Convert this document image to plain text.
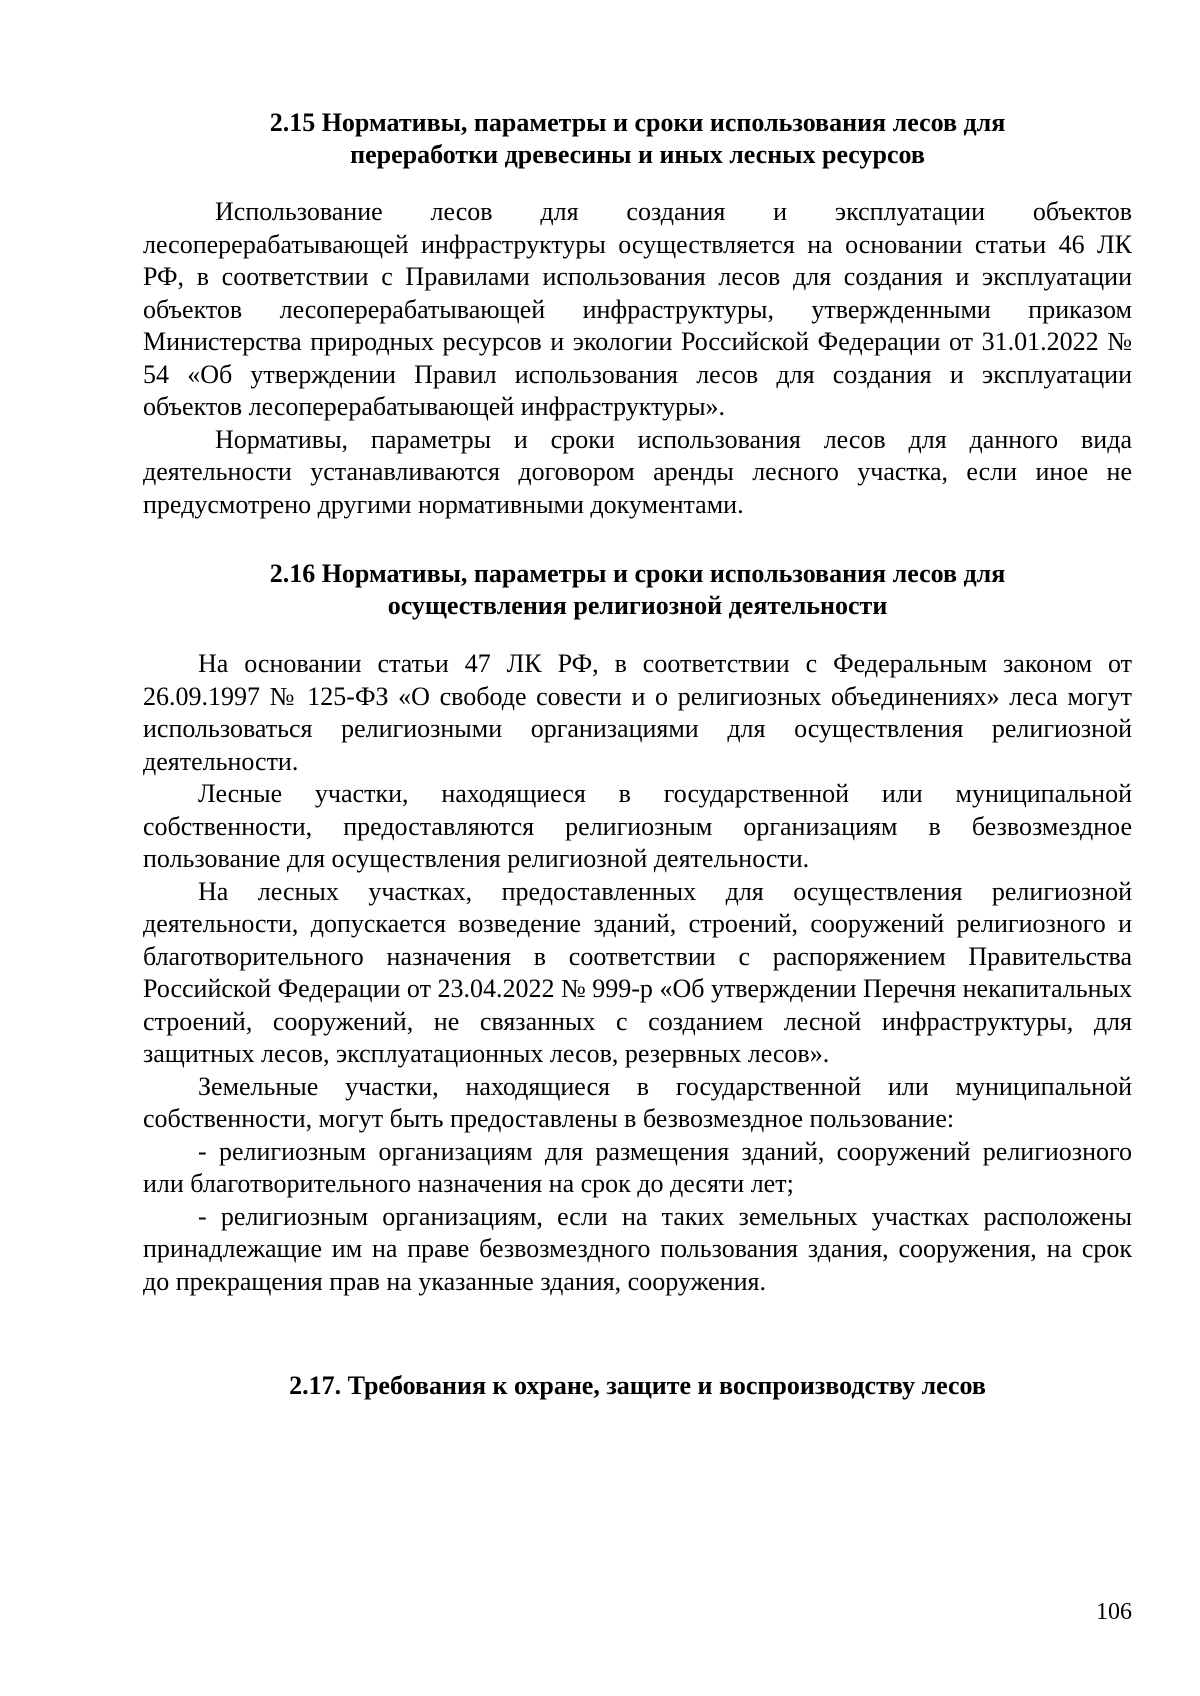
2.15 Нормативы, параметры и сроки использования лесов для
переработки древесины и иных лесных ресурсов

Использование лесов для создания и эксплуатации объектов лесоперерабатывающей инфраструктуры осуществляется на основании статьи 46 ЛК РФ, в соответствии с Правилами использования лесов для создания и эксплуатации объектов лесоперерабатывающей инфраструктуры, утвержденными приказом Министерства природных ресурсов и экологии Российской Федерации от 31.01.2022 № 54 «Об утверждении Правил использования лесов для создания и эксплуатации объектов лесоперерабатывающей инфраструктуры».

Нормативы, параметры и сроки использования лесов для данного вида деятельности устанавливаются договором аренды лесного участка, если иное не предусмотрено другими нормативными документами.

2.16 Нормативы, параметры и сроки использования лесов для
осуществления религиозной деятельности

На основании статьи 47 ЛК РФ, в соответствии с Федеральным законом от 26.09.1997 № 125-ФЗ «О свободе совести и о религиозных объединениях» леса могут использоваться религиозными организациями для осуществления религиозной деятельности.

Лесные участки, находящиеся в государственной или муниципальной собственности, предоставляются религиозным организациям в безвозмездное пользование для осуществления религиозной деятельности.

На лесных участках, предоставленных для осуществления религиозной деятельности, допускается возведение зданий, строений, сооружений религиозного и благотворительного назначения в соответствии с распоряжением Правительства Российской Федерации от 23.04.2022 № 999-р «Об утверждении Перечня некапитальных строений, сооружений, не связанных с созданием лесной инфраструктуры, для защитных лесов, эксплуатационных лесов, резервных лесов».

Земельные участки, находящиеся в государственной или муниципальной собственности, могут быть предоставлены в безвозмездное пользование:

- религиозным организациям для размещения зданий, сооружений религиозного или благотворительного назначения на срок до десяти лет;

- религиозным организациям, если на таких земельных участках расположены принадлежащие им на праве безвозмездного пользования здания, сооружения, на срок до прекращения прав на указанные здания, сооружения.

2.17. Требования к охране, защите и воспроизводству лесов
106
